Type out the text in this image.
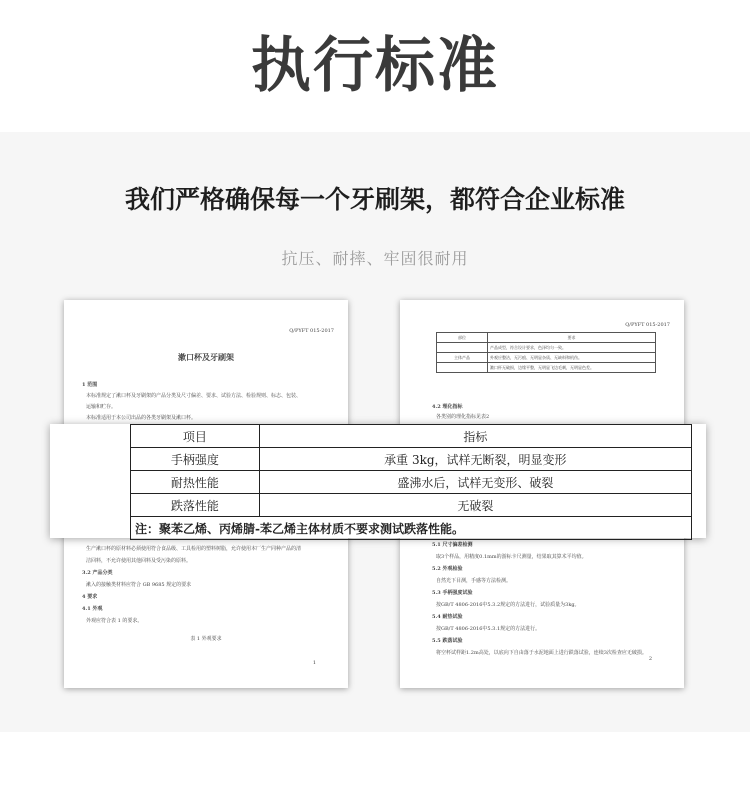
执行标准
我们严格确保每一个牙刷架，都符合企业标准
抗压、耐摔、牢固很耐用
Q/PYFT 015-2017
漱口杯及牙刷架
1 范围
本标准规定了漱口杯及牙刷架的产品分类及尺寸偏差、要求、试验方法、检验规则、标志、包装、
运输和贮存。
本标准适用于本公司出品的各类牙刷架及漱口杯。
生产漱口杯的原材料必须使用符合食品级、工具检用的塑料树脂，允许使用本厂生产同种产品的清
洁回料，不允许使用其他回料及受污染的原料。
3.2 产品分类
漱入的接触类材料应符合 GB 9685 规定的要求
4 要求
4.1 外观
外观应符合表 1 的要求。
表 1 外观要求
1
Q/PYFT 015-2017
部位	要求
	产品成型，符合设计要求，色泽均匀一致。
主体产品	外观应整洁，无污痕、无明显杂质、无缺料和机伤。
	漱口杯无破损，边缘平整，无明显飞边毛刺，无明显色差。
4.2 理化指标
各类别的理化指标见表2
5.1 尺寸偏差检测
取3个样品，用精度0.1mm的游标卡尺测量，结果取其算术平均值。
5.2 外观检验
自然光下目测，手感等方法检测。
5.3 手柄强度试验
按GB/T 4806-2016中5.3.2规定的方法进行，试验质量为3kg。
5.4 耐热试验
按GB/T 4806-2016中5.3.1规定的方法进行。
5.5 跌落试验
将空杯试样距1.2m高处，以底向下自由落于水泥地面上进行跌落试验，连续3次检查应无破损。
2
项目	指标
手柄强度	承重 3kg，试样无断裂，明显变形
耐热性能	盛沸水后，试样无变形、破裂
跌落性能	无破裂
注：聚苯乙烯、丙烯腈-苯乙烯主体材质不要求测试跌落性能。	
